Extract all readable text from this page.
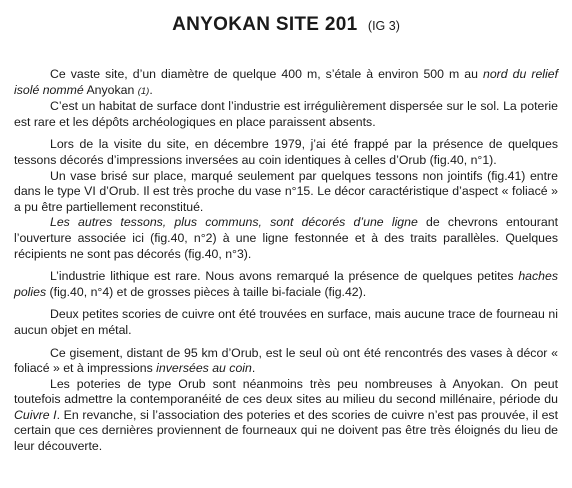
ANYOKAN SITE 201 (IG 3)

Ce vaste site, d’un diamètre de quelque 400 m, s’étale à environ 500 m au nord du relief isolé nommé Anyokan (1).

C’est un habitat de surface dont l’industrie est irrégulièrement dispersée sur le sol. La poterie est rare et les dépôts archéologiques en place paraissent absents.

Lors de la visite du site, en décembre 1979, j’ai été frappé par la présence de quelques tessons décorés d’impressions inversées au coin identiques à celles d’Orub (fig.40, n°1).

Un vase brisé sur place, marqué seulement par quelques tessons non jointifs (fig.41) entre dans le type VI d’Orub. Il est très proche du vase n°15. Le décor caractéristique d’aspect « foliacé » a pu être partiellement reconstitué.

Les autres tessons, plus communs, sont décorés d’une ligne de chevrons entourant l’ouverture associée ici (fig.40, n°2) à une ligne festonnée et à des traits parallèles. Quelques récipients ne sont pas décorés (fig.40, n°3).

L’industrie lithique est rare. Nous avons remarqué la présence de quelques petites haches polies (fig.40, n°4) et de grosses pièces à taille bi-faciale (fig.42).

Deux petites scories de cuivre ont été trouvées en surface, mais aucune trace de fourneau ni aucun objet en métal.

Ce gisement, distant de 95 km d’Orub, est le seul où ont été rencontrés des vases à décor « foliacé » et à impressions inversées au coin.

Les poteries de type Orub sont néanmoins très peu nombreuses à Anyokan. On peut toutefois admettre la contemporanéité de ces deux sites au milieu du second millénaire, période du Cuivre I. En revanche, si l’association des poteries et des scories de cuivre n’est pas prouvée, il est certain que ces dernières proviennent de fourneaux qui ne doivent pas être très éloignés du lieu de leur découverte.
